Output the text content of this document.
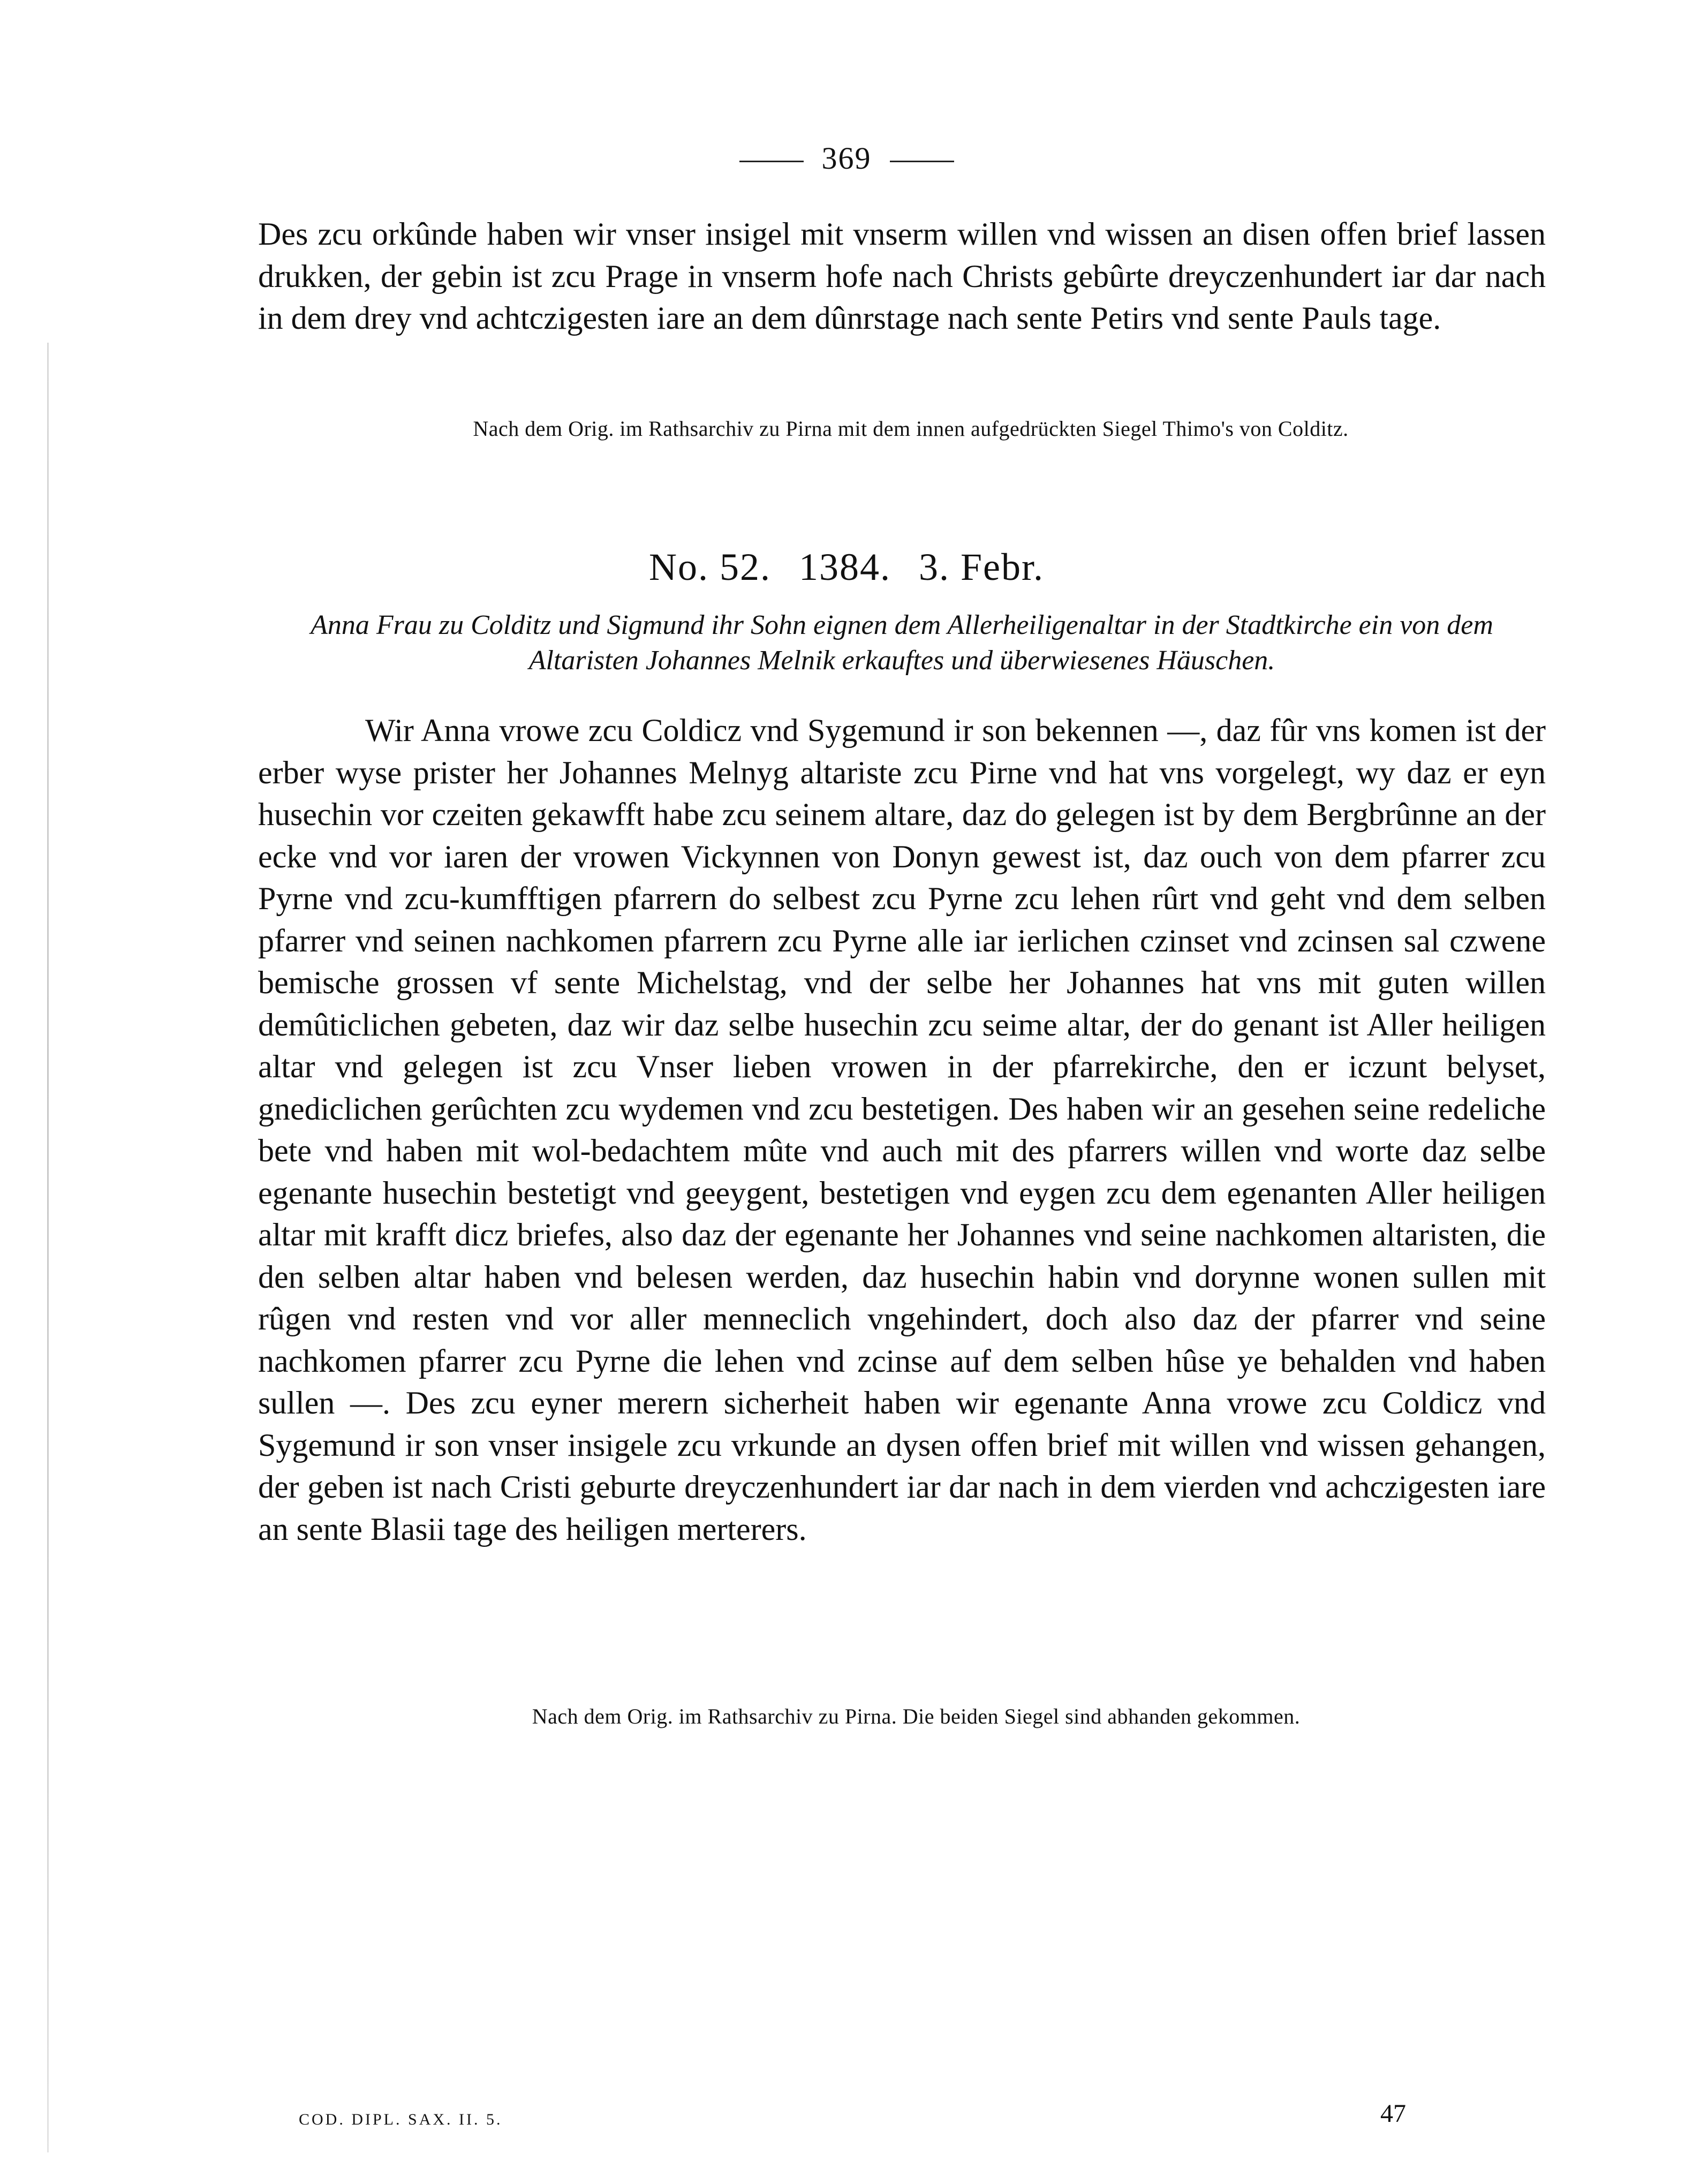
369
Des zcu orkûnde haben wir vnser insigel mit vnserm willen vnd wissen an disen offen brief lassen drukken, der gebin ist zcu Prage in vnserm hofe nach Christs gebûrte dreyczenhundert iar dar nach in dem drey vnd achtczigesten iare an dem dûnrstage nach sente Petirs vnd sente Pauls tage.
Nach dem Orig. im Rathsarchiv zu Pirna mit dem innen aufgedrückten Siegel Thimo's von Colditz.
No. 52. 1384. 3. Febr.
Anna Frau zu Colditz und Sigmund ihr Sohn eignen dem Allerheiligenaltar in der Stadtkirche ein von dem Altaristen Johannes Melnik erkauftes und überwiesenes Häuschen.
Wir Anna vrowe zcu Coldicz vnd Sygemund ir son bekennen —, daz fûr vns komen ist der erber wyse prister her Johannes Melnyg altariste zcu Pirne vnd hat vns vorgelegt, wy daz er eyn husechin vor czeiten gekawfft habe zcu seinem altare, daz do gelegen ist by dem Bergbrûnne an der ecke vnd vor iaren der vrowen Vickynnen von Donyn gewest ist, daz ouch von dem pfarrer zcu Pyrne vnd zcu-kumfftigen pfarrern do selbest zcu Pyrne zcu lehen rûrt vnd geht vnd dem selben pfarrer vnd seinen nachkomen pfarrern zcu Pyrne alle iar ierlichen czinset vnd zcinsen sal czwene bemische grossen vf sente Michelstag, vnd der selbe her Johannes hat vns mit guten willen demûticlichen gebeten, daz wir daz selbe husechin zcu seime altar, der do genant ist Aller heiligen altar vnd gelegen ist zcu Vnser lieben vrowen in der pfarrekirche, den er iczunt belyset, gnediclichen gerûchten zcu wydemen vnd zcu bestetigen. Des haben wir an gesehen seine redeliche bete vnd haben mit wol-bedachtem mûte vnd auch mit des pfarrers willen vnd worte daz selbe egenante husechin bestetigt vnd geeygent, bestetigen vnd eygen zcu dem egenanten Aller heiligen altar mit krafft dicz briefes, also daz der egenante her Johannes vnd seine nachkomen altaristen, die den selben altar haben vnd belesen werden, daz husechin habin vnd dorynne wonen sullen mit rûgen vnd resten vnd vor aller menneclich vngehindert, doch also daz der pfarrer vnd seine nachkomen pfarrer zcu Pyrne die lehen vnd zcinse auf dem selben hûse ye behalden vnd haben sullen —. Des zcu eyner merern sicherheit haben wir egenante Anna vrowe zcu Coldicz vnd Sygemund ir son vnser insigele zcu vrkunde an dysen offen brief mit willen vnd wissen gehangen, der geben ist nach Cristi geburte dreyczenhundert iar dar nach in dem vierden vnd achczigesten iare an sente Blasii tage des heiligen merterers.
Nach dem Orig. im Rathsarchiv zu Pirna. Die beiden Siegel sind abhanden gekommen.
COD. DIPL. SAX. II. 5.	47
